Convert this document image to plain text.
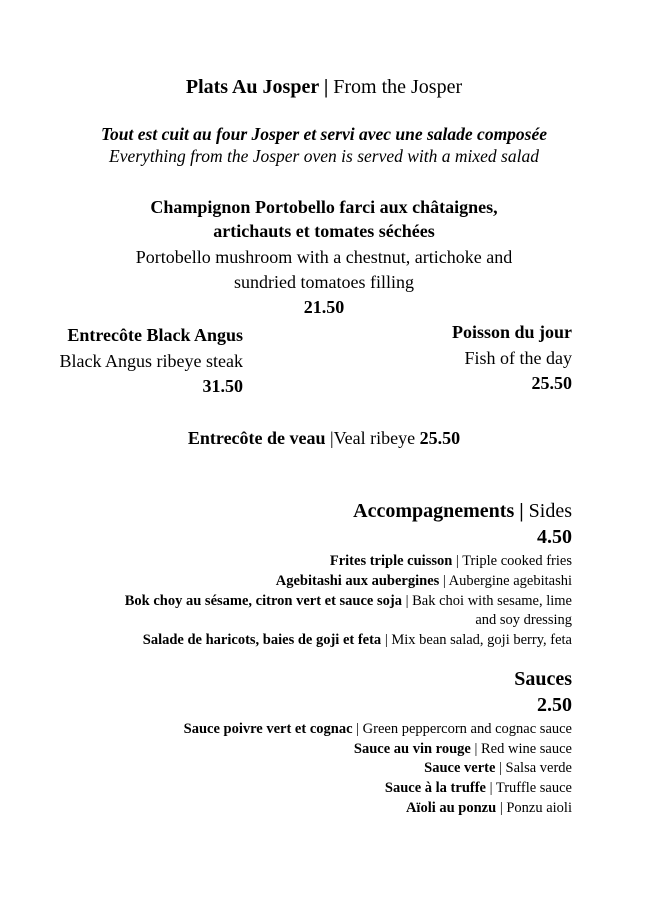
Plats Au Josper | From the Josper
Tout est cuit au four Josper et servi avec une salade composée
Everything from the Josper oven is served with a mixed salad
Champignon Portobello farci aux châtaignes,
artichauts et tomates séchées
Portobello mushroom with a chestnut, artichoke and
sundried tomatoes filling
21.50
Entrecôte Black Angus
Black Angus ribeye steak
31.50
Poisson du jour
Fish of the day
25.50
Entrecôte de veau |Veal ribeye 25.50
Accompagnements | Sides
4.50
Frites triple cuisson | Triple cooked fries
Agebitashi aux aubergines | Aubergine agebitashi
Bok choy au sésame, citron vert et sauce soja | Bak choi with sesame, lime
and soy dressing
Salade de haricots, baies de goji et feta | Mix bean salad, goji berry, feta
Sauces
2.50
Sauce poivre vert et cognac | Green peppercorn and cognac sauce
Sauce au vin rouge | Red wine sauce
Sauce verte | Salsa verde
Sauce à la truffe | Truffle sauce
Aïoli au ponzu | Ponzu aioli
